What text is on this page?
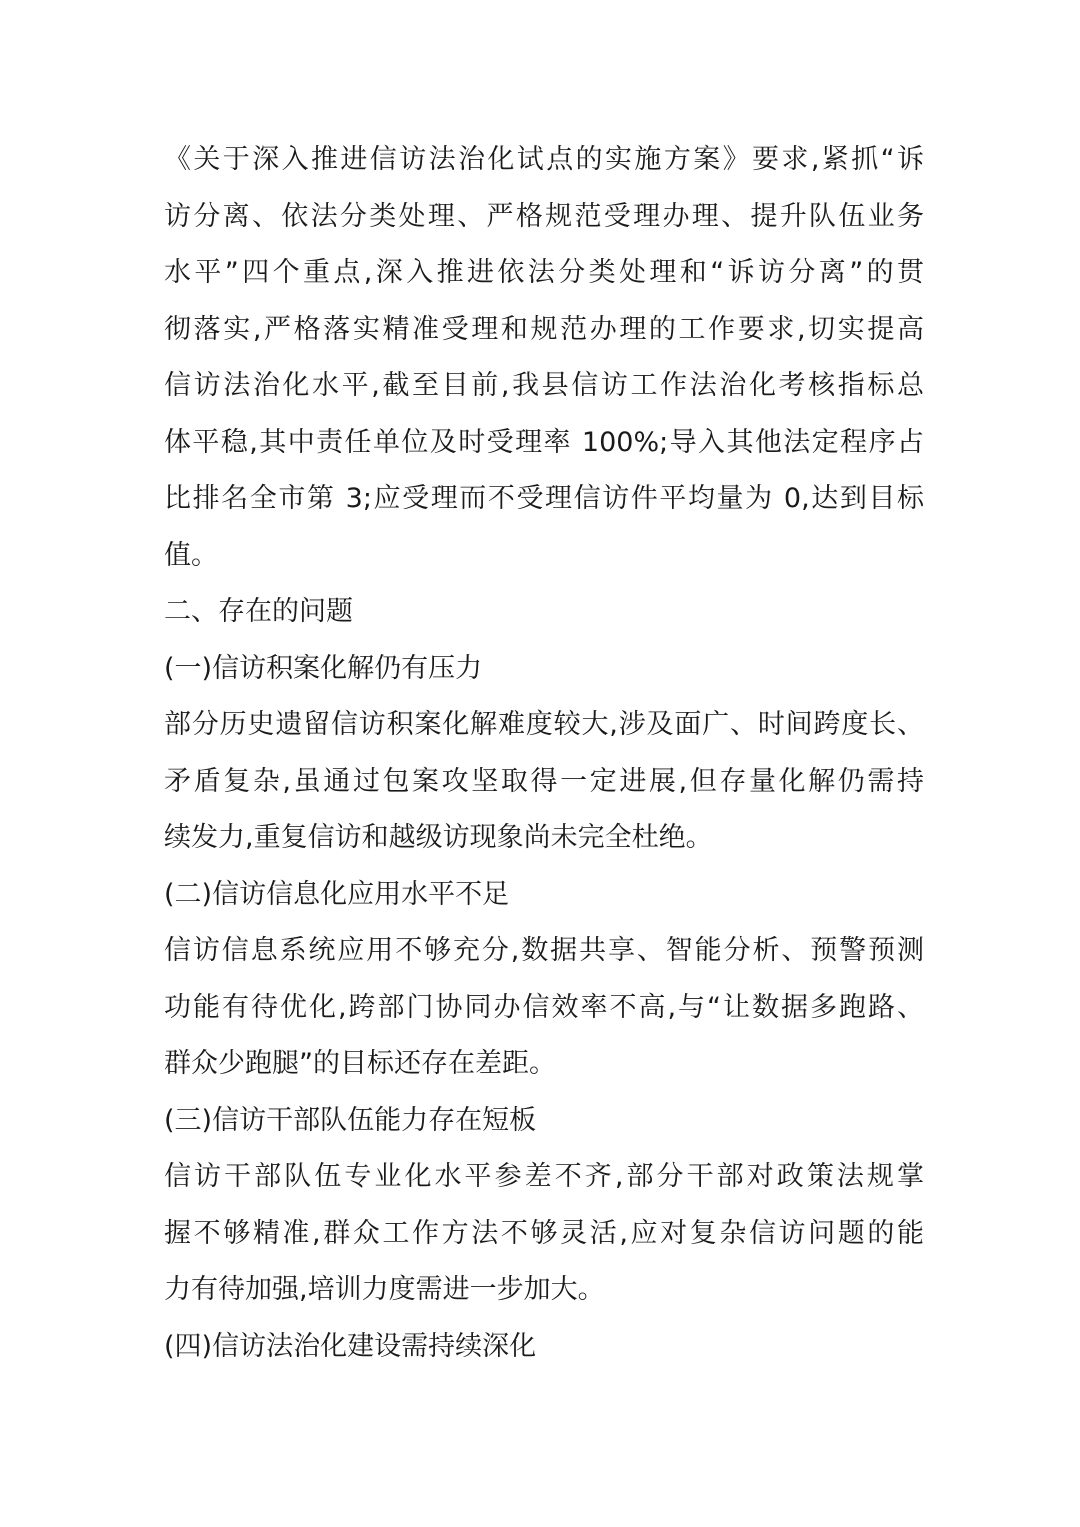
《关于深入推进信访法治化试点的实施方案》要求,紧抓“诉
访分离、依法分类处理、严格规范受理办理、提升队伍业务
水平”四个重点,深入推进依法分类处理和“诉访分离”的贯
彻落实,严格落实精准受理和规范办理的工作要求,切实提高
信访法治化水平,截至目前,我县信访工作法治化考核指标总
体平稳,其中责任单位及时受理率 100%;导入其他法定程序占
比排名全市第 3;应受理而不受理信访件平均量为 0,达到目标
值。
二、存在的问题
(一)信访积案化解仍有压力
部分历史遗留信访积案化解难度较大,涉及面广、时间跨度长、
矛盾复杂,虽通过包案攻坚取得一定进展,但存量化解仍需持
续发力,重复信访和越级访现象尚未完全杜绝。
(二)信访信息化应用水平不足
信访信息系统应用不够充分,数据共享、智能分析、预警预测
功能有待优化,跨部门协同办信效率不高,与“让数据多跑路、
群众少跑腿”的目标还存在差距。
(三)信访干部队伍能力存在短板
信访干部队伍专业化水平参差不齐,部分干部对政策法规掌
握不够精准,群众工作方法不够灵活,应对复杂信访问题的能
力有待加强,培训力度需进一步加大。
(四)信访法治化建设需持续深化
